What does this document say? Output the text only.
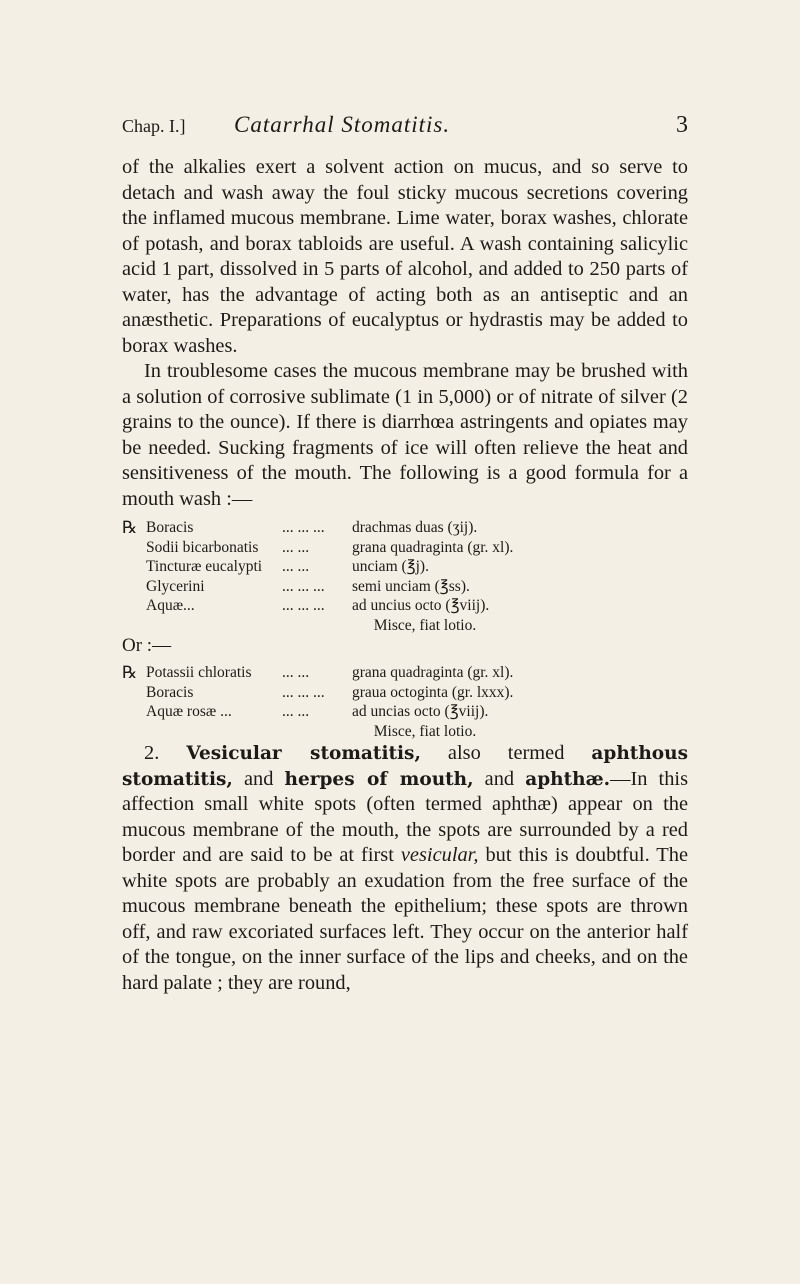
Chap. I.] Catarrhal Stomatitis.	3

of the alkalies exert a solvent action on mucus, and so serve to detach and wash away the foul sticky mucous secretions covering the inflamed mucous membrane. Lime water, borax washes, chlorate of potash, and borax tabloids are useful. A wash containing salicylic acid 1 part, dissolved in 5 parts of alcohol, and added to 250 parts of water, has the advantage of acting both as an antiseptic and an anæsthetic. Preparations of eucalyptus or hydrastis may be added to borax washes.

In troublesome cases the mucous membrane may be brushed with a solution of corrosive sublimate (1 in 5,000) or of nitrate of silver (2 grains to the ounce). If there is diarrhœa astringents and opiates may be needed. Sucking fragments of ice will often relieve the heat and sensitiveness of the mouth. The following is a good formula for a mouth wash :—

℞ Boracis	... ... ...	drachmas duas (ʒij).
Sodii bicarbonatis	... ...	grana quadraginta (gr. xl).
Tincturæ eucalypti	... ...	unciam (℥j).
Glycerini	... ... ...	semi unciam (℥ss).
Aquæ...	... ... ...	ad uncius octo (℥viij).
Misce, fiat lotio.

Or :—

℞ Potassii chloratis	... ...	grana quadraginta (gr. xl).
Boracis	... ... ...	graua octoginta (gr. lxxx).
Aquæ rosæ ...	... ...	ad uncias octo (℥viij).
Misce, fiat lotio.

2. Vesicular stomatitis, also termed aphthous stomatitis, and herpes of mouth, and aphthæ.—In this affection small white spots (often termed aphthæ) appear on the mucous membrane of the mouth, the spots are surrounded by a red border and are said to be at first vesicular, but this is doubtful. The white spots are probably an exudation from the free surface of the mucous membrane beneath the epithelium; these spots are thrown off, and raw excoriated surfaces left. They occur on the anterior half of the tongue, on the inner surface of the lips and cheeks, and on the hard palate ; they are round,
